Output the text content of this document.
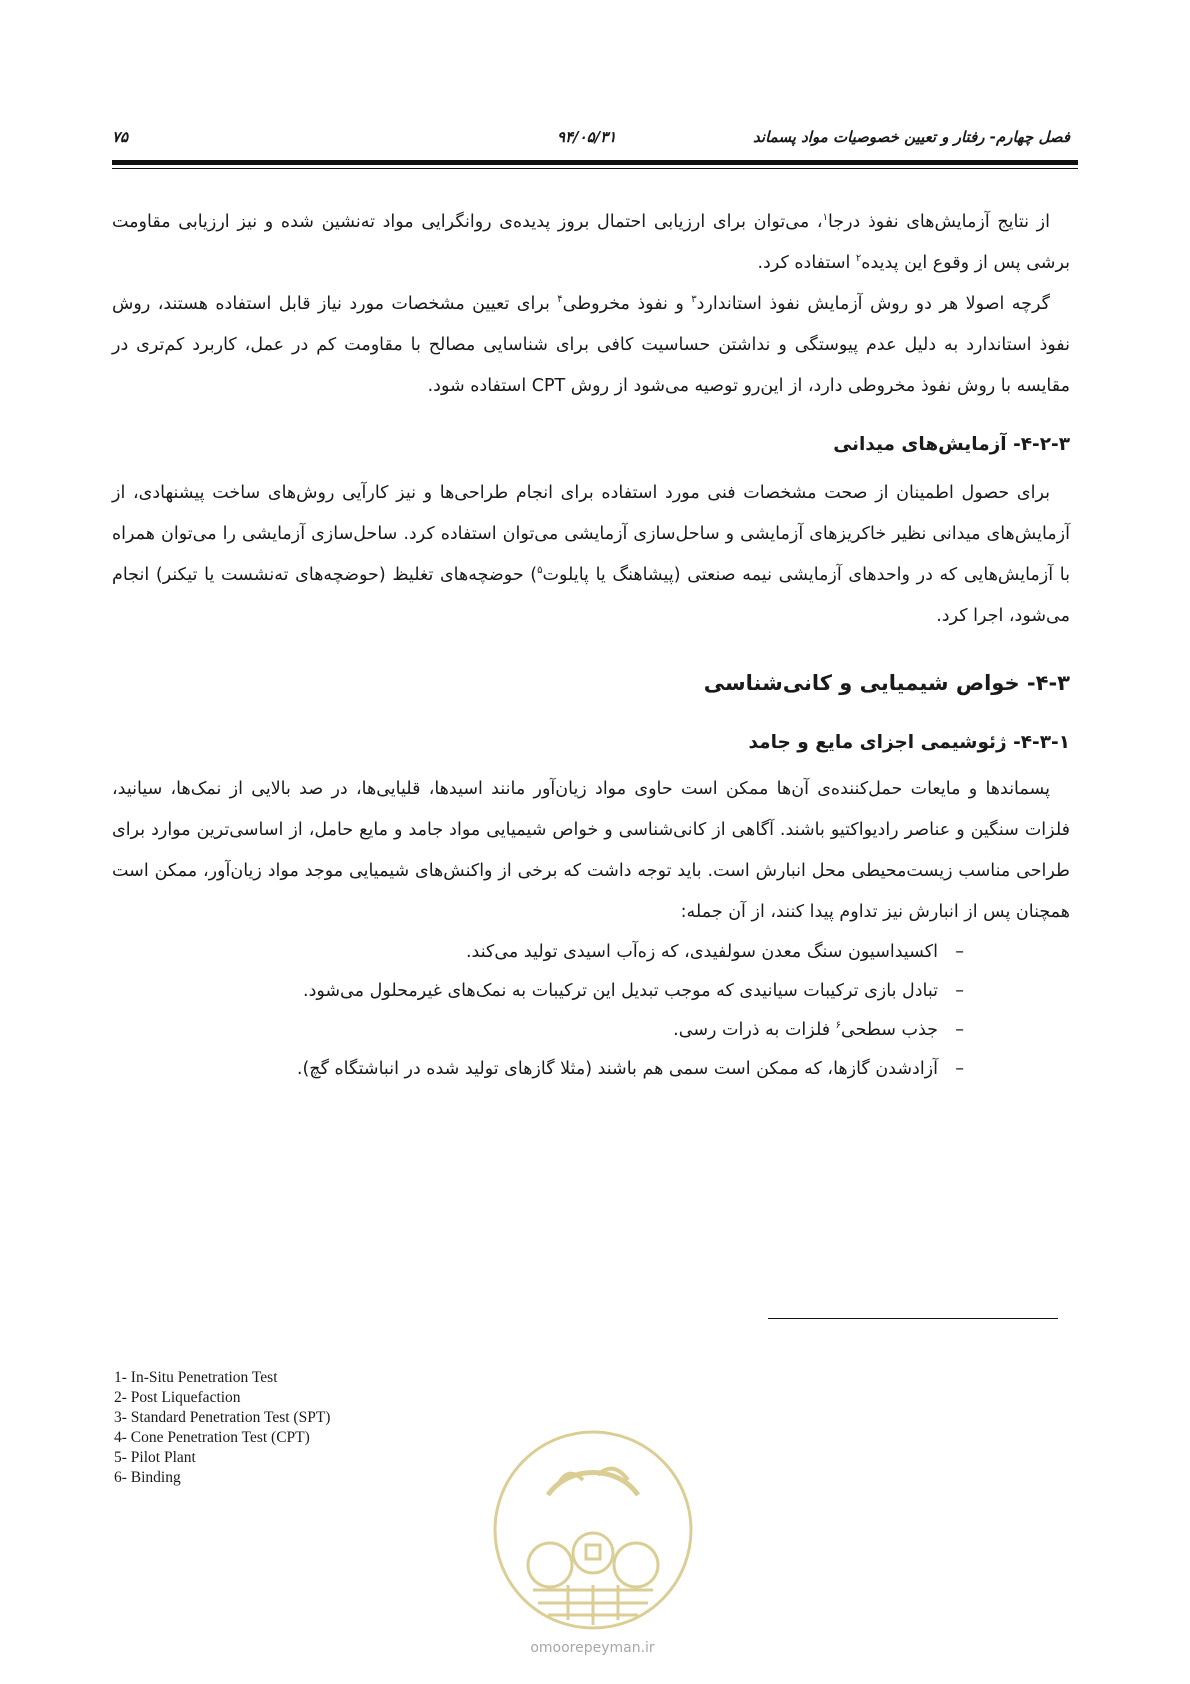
فصل چهارم- رفتار و تعیین خصوصیات مواد پسماند
۹۴/۰۵/۳۱
۷۵

از نتایج آزمایش‌های نفوذ درجا$^۱$، می‌توان برای ارزیابی احتمال بروز پدیده‌ی روانگرایی مواد ته‌نشین شده و نیز ارزیابی مقاومت برشی پس از وقوع این پدیده$^۲$ استفاده کرد.

گرچه اصولا هر دو روش آزمایش نفوذ استاندارد$^۳$ و نفوذ مخروطی$^۴$ برای تعیین مشخصات مورد نیاز قابل استفاده هستند، روش نفوذ استاندارد به دلیل عدم پیوستگی و نداشتن حساسیت کافی برای شناسایی مصالح با مقاومت کم در عمل، کاربرد کم‌تری در مقایسه با روش نفوذ مخروطی دارد، از این‌رو توصیه می‌شود از روش CPT استفاده شود.

۴-۲-۳- آزمایش‌های میدانی

برای حصول اطمینان از صحت مشخصات فنی مورد استفاده برای انجام طراحی‌ها و نیز کارآیی روش‌های ساخت پیشنهادی، از آزمایش‌های میدانی نظیر خاکریزهای آزمایشی و ساحل‌سازی آزمایشی می‌توان استفاده کرد. ساحل‌سازی آزمایشی را می‌توان همراه با آزمایش‌هایی که در واحدهای آزمایشی نیمه صنعتی (پیشاهنگ یا پایلوت$^۵$) حوضچه‌های تغلیظ (حوضچه‌های ته‌نشست یا تیکنر) انجام می‌شود، اجرا کرد.

۴-۳- خواص شیمیایی و کانی‌شناسی
۴-۳-۱- ژئوشیمی اجزای مایع و جامد

پسماندها و مایعات حمل‌کننده‌ی آن‌ها ممکن است حاوی مواد زیان‌آور مانند اسیدها، قلیایی‌ها، در صد بالایی از نمک‌ها، سیانید، فلزات سنگین و عناصر رادیواکتیو باشند. آگاهی از کانی‌شناسی و خواص شیمیایی مواد جامد و مایع حامل، از اساسی‌ترین موارد برای طراحی مناسب زیست‌محیطی محل انبارش است. باید توجه داشت که برخی از واکنش‌های شیمیایی موجد مواد زیان‌آور، ممکن است همچنان پس از انبارش نیز تداوم پیدا کنند، از آن جمله:

–
اکسیداسیون سنگ معدن سولفیدی، که زه‌آب اسیدی تولید می‌کند.
–
تبادل بازی ترکیبات سیانیدی که موجب تبدیل این ترکیبات به نمک‌های غیرمحلول می‌شود.
–
جذب سطحی$^۶$ فلزات به ذرات رسی.
–
آزادشدن گازها، که ممکن است سمی هم باشند (مثلا گازهای تولید شده در انباشتگاه گچ).
1- In-Situ Penetration Test
2- Post Liquefaction
3- Standard Penetration Test (SPT)
4- Cone Penetration Test (CPT)
5- Pilot Plant
6- Binding
omoorepeyman.ir
